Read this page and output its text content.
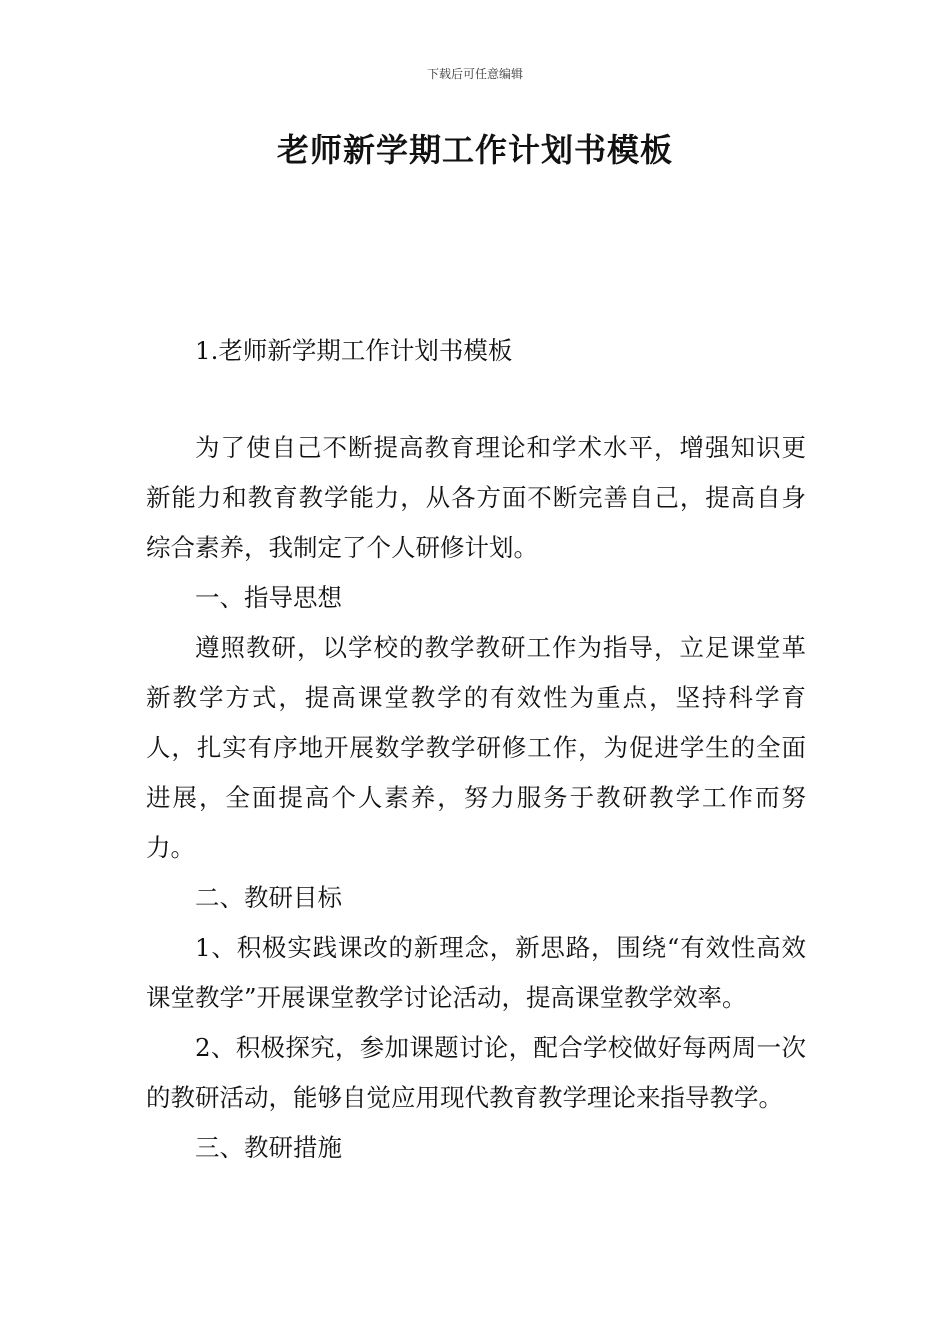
下载后可任意编辑
老师新学期工作计划书模板

1.老师新学期工作计划书模板

为了使自己不断提高教育理论和学术水平，增强知识更新能力和教育教学能力，从各方面不断完善自己，提高自身综合素养，我制定了个人研修计划。

一、指导思想

遵照教研，以学校的教学教研工作为指导，立足课堂革新教学方式，提高课堂教学的有效性为重点，坚持科学育人，扎实有序地开展数学教学研修工作，为促进学生的全面进展，全面提高个人素养，努力服务于教研教学工作而努力。

二、教研目标

1、积极实践课改的新理念，新思路，围绕“有效性高效课堂教学”开展课堂教学讨论活动，提高课堂教学效率。

2、积极探究，参加课题讨论，配合学校做好每两周一次的教研活动，能够自觉应用现代教育教学理论来指导教学。

三、教研措施
